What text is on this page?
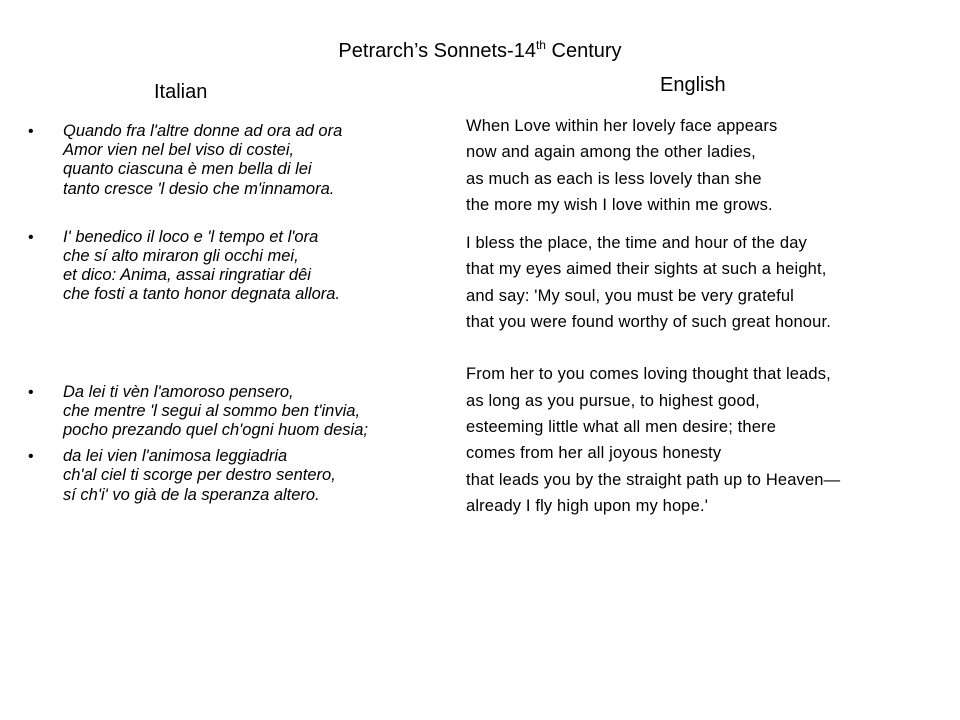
Petrarch’s Sonnets-14th Century
Italian	English
• Quando fra l'altre donne ad ora ad ora
Amor vien nel bel viso di costei,
quanto ciascuna è men bella di lei
tanto cresce 'l desio che m'innamora.
• I' benedico il loco e 'l tempo et l'ora
che sí alto miraron gli occhi mei,
et dico: Anima, assai ringratiar dêi
che fosti a tanto honor degnata allora.
• Da lei ti vèn l'amoroso pensero,
che mentre 'l segui al sommo ben t'invia,
pocho prezando quel ch'ogni huom desia;
• da lei vien l'animosa leggiadria
ch'al ciel ti scorge per destro sentero,
sí ch'i' vo già de la speranza altero.

When Love within her lovely face appears
now and again among the other ladies,
as much as each is less lovely than she
the more my wish I love within me grows.

I bless the place, the time and hour of the day
that my eyes aimed their sights at such a height,
and say: 'My soul, you must be very grateful
that you were found worthy of such great honour.

From her to you comes loving thought that leads,
as long as you pursue, to highest good,
esteeming little what all men desire; there
comes from her all joyous honesty
that leads you by the straight path up to Heaven—
already I fly high upon my hope.'
